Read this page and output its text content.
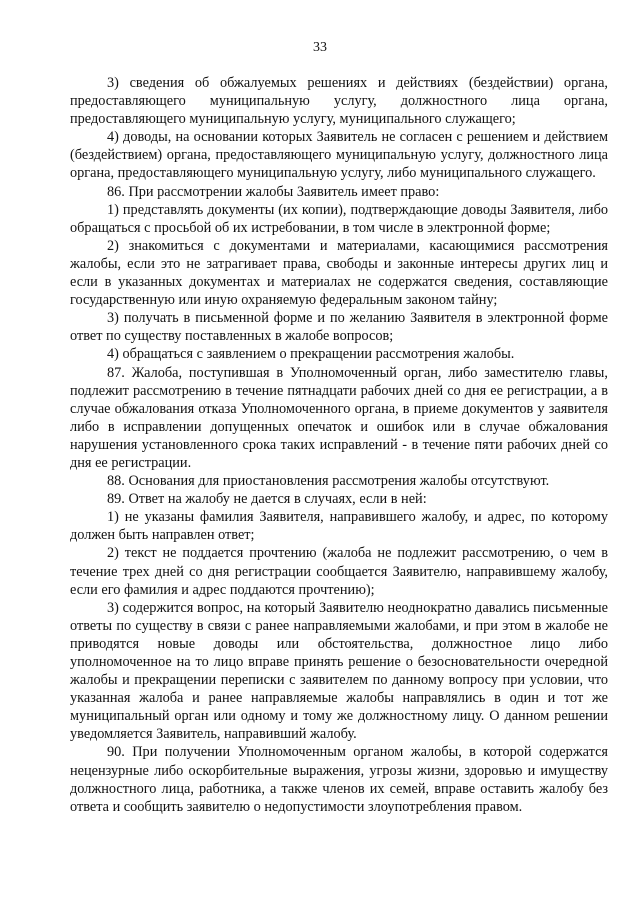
33

3) сведения об обжалуемых решениях и действиях (бездействии) органа, предоставляющего муниципальную услугу, должностного лица органа, предоставляющего муниципальную услугу, муниципального служащего;

4) доводы, на основании которых Заявитель не согласен с решением и действием (бездействием) органа, предоставляющего муниципальную услугу, должностного лица органа, предоставляющего муниципальную услугу, либо муниципального служащего.

86. При рассмотрении жалобы Заявитель имеет право:

1) представлять документы (их копии), подтверждающие доводы Заявителя, либо обращаться с просьбой об их истребовании, в том числе в электронной форме;

2) знакомиться с документами и материалами, касающимися рассмотрения жалобы, если это не затрагивает права, свободы и законные интересы других лиц и если в указанных документах и материалах не содержатся сведения, составляющие государственную или иную охраняемую федеральным законом тайну;

3) получать в письменной форме и по желанию Заявителя в электронной форме ответ по существу поставленных в жалобе вопросов;

4) обращаться с заявлением о прекращении рассмотрения жалобы.

87. Жалоба, поступившая в Уполномоченный орган, либо заместителю главы, подлежит рассмотрению в течение пятнадцати рабочих дней со дня ее регистрации, а в случае обжалования отказа Уполномоченного органа, в приеме документов у заявителя либо в исправлении допущенных опечаток и ошибок или в случае обжалования нарушения установленного срока таких исправлений - в течение пяти рабочих дней со дня ее регистрации.

88. Основания для приостановления рассмотрения жалобы отсутствуют.

89. Ответ на жалобу не дается в случаях, если в ней:

1) не указаны фамилия Заявителя, направившего жалобу, и адрес, по которому должен быть направлен ответ;

2) текст не поддается прочтению (жалоба не подлежит рассмотрению, о чем в течение трех дней со дня регистрации сообщается Заявителю, направившему жалобу, если его фамилия и адрес поддаются прочтению);

3) содержится вопрос, на который Заявителю неоднократно давались письменные ответы по существу в связи с ранее направляемыми жалобами, и при этом в жалобе не приводятся новые доводы или обстоятельства, должностное лицо либо уполномоченное на то лицо вправе принять решение о безосновательности очередной жалобы и прекращении переписки с заявителем по данному вопросу при условии, что указанная жалоба и ранее направляемые жалобы направлялись в один и тот же муниципальный орган или одному и тому же должностному лицу. О данном решении уведомляется Заявитель, направивший жалобу.

90. При получении Уполномоченным органом жалобы, в которой содержатся нецензурные либо оскорбительные выражения, угрозы жизни, здоровью и имуществу должностного лица, работника, а также членов их семей, вправе оставить жалобу без ответа и сообщить заявителю о недопустимости злоупотребления правом.
